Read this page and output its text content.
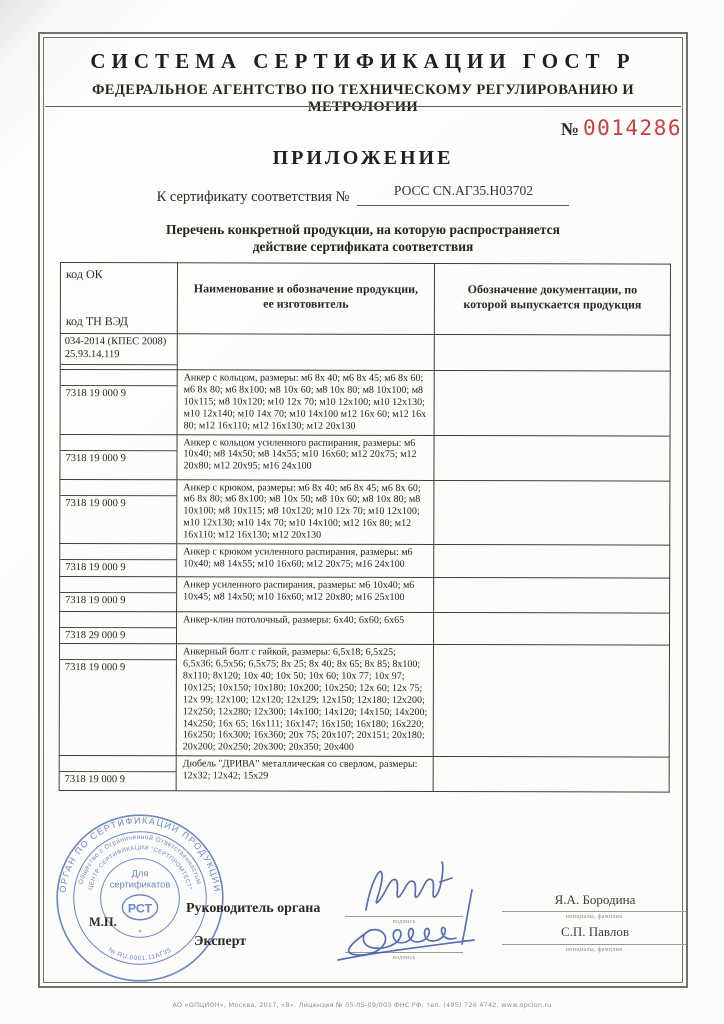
СИСТЕМА СЕРТИФИКАЦИИ ГОСТ Р
ФЕДЕРАЛЬНОЕ АГЕНТСТВО ПО ТЕХНИЧЕСКОМУ РЕГУЛИРОВАНИЮ И МЕТРОЛОГИИ
№ 0014286
ПРИЛОЖЕНИЕ
К сертификату соответствия №	РОСС CN.АГ35.Н03702
Перечень конкретной продукции, на которую распространяется
действие сертификата соответствия
код ОК
код ТН ВЭД	Наименование и обозначение продукции, ее изготовитель	Обозначение документации, по которой выпускается продукция

034-2014 (КПЕС 2008)
25.93.14.119		

7318 19 000 9	Анкер с кольцом, размеры: м6 8х 40; м6 8х 45; м6 8х 60; м6 8х 80; м6 8х100; м8 10х 60; м8 10х 80; м8 10х100; м8 10х115; м8 10х120; м10 12х 70; м10 12х100; м10 12х130; м10 12х140; м10 14х 70; м10 14х100 м12 16х 60; м12 16х 80; м12 16х110; м12 16х130; м12 20х130	

7318 19 000 9	Анкер с кольцом усиленного распирания, размеры: м6 10х40; м8 14х50; м8 14х55; м10 16х60; м12 20х75; м12 20х80; м12 20х95; м16 24х100	

7318 19 000 9	Анкер с крюком, размеры: м6 8х 40; м6 8х 45; м6 8х 60; м6 8х 80; м6 8х100; м8 10х 50; м8 10х 60; м8 10х 80; м8 10х100; м8 10х115; м8 10х120; м10 12х 70; м10 12х100; м10 12х130; м10 14х 70; м10 14х100; м12 16х 80; м12 16х110; м12 16х130; м12 20х130	

7318 19 000 9	Анкер с крюком усиленного распирания, размеры: м6 10х40; м8 14х55; м10 16х60; м12 20х75; м16 24х100	

7318 19 000 9	Анкер усиленного распирания, размеры: м6 10х40; м6 10х45; м8 14х50; м10 16х60; м12 20х80; м16 25х100	

7318 29 000 9	Анкер-клин потолочный, размеры: 6х40; 6х60; 6х65	

7318 19 000 9	Анкерный болт с гайкой, размеры: 6,5х18; 6,5х25; 6,5х36; 6,5х56; 6,5х75; 8х 25; 8х 40; 8х 65; 8х 85; 8х100; 8х110; 8х120; 10х 40; 10х 50; 10х 60; 10х 77; 10х 97; 10х125; 10х150; 10х180; 10х200; 10х250; 12х 60; 12х 75; 12х 99; 12х100; 12х120; 12х129; 12х150; 12х180; 12х200; 12х250; 12х280; 12х300; 14х100; 14х120; 14х150; 14х200; 14х250; 16х 65; 16х111; 16х147; 16х150; 16х180; 16х220; 16х250; 16х300; 16х360; 20х 75; 20х107; 20х151; 20х180; 20х200; 20х250; 20х300; 20х350; 20х400	

7318 19 000 9	Дюбель "ДРИВА" металлическая со сверлом, размеры: 12х32; 12х42; 15х29	

ОРГАН ПО СЕРТИФИКАЦИИ ПРОДУКЦИИ
Общество с Ограниченной Ответственностью
ЦЕНТР СЕРТИФИКАЦИИ "СЕРТПРОМТЕСТ"
№ RU.0001.11АГ35
Для
сертификатов
РСТ
*
М.П.
Руководитель органа
Эксперт
подпись
подпись
Я.А. Бородина
инициалы, фамилия
С.П. Павлов
инициалы, фамилия
АО «ОПЦИОН», Москва, 2017, «В». Лицензия № 05-05-09/003 ФНС РФ, тел. (495) 726 4742, www.opcion.ru
